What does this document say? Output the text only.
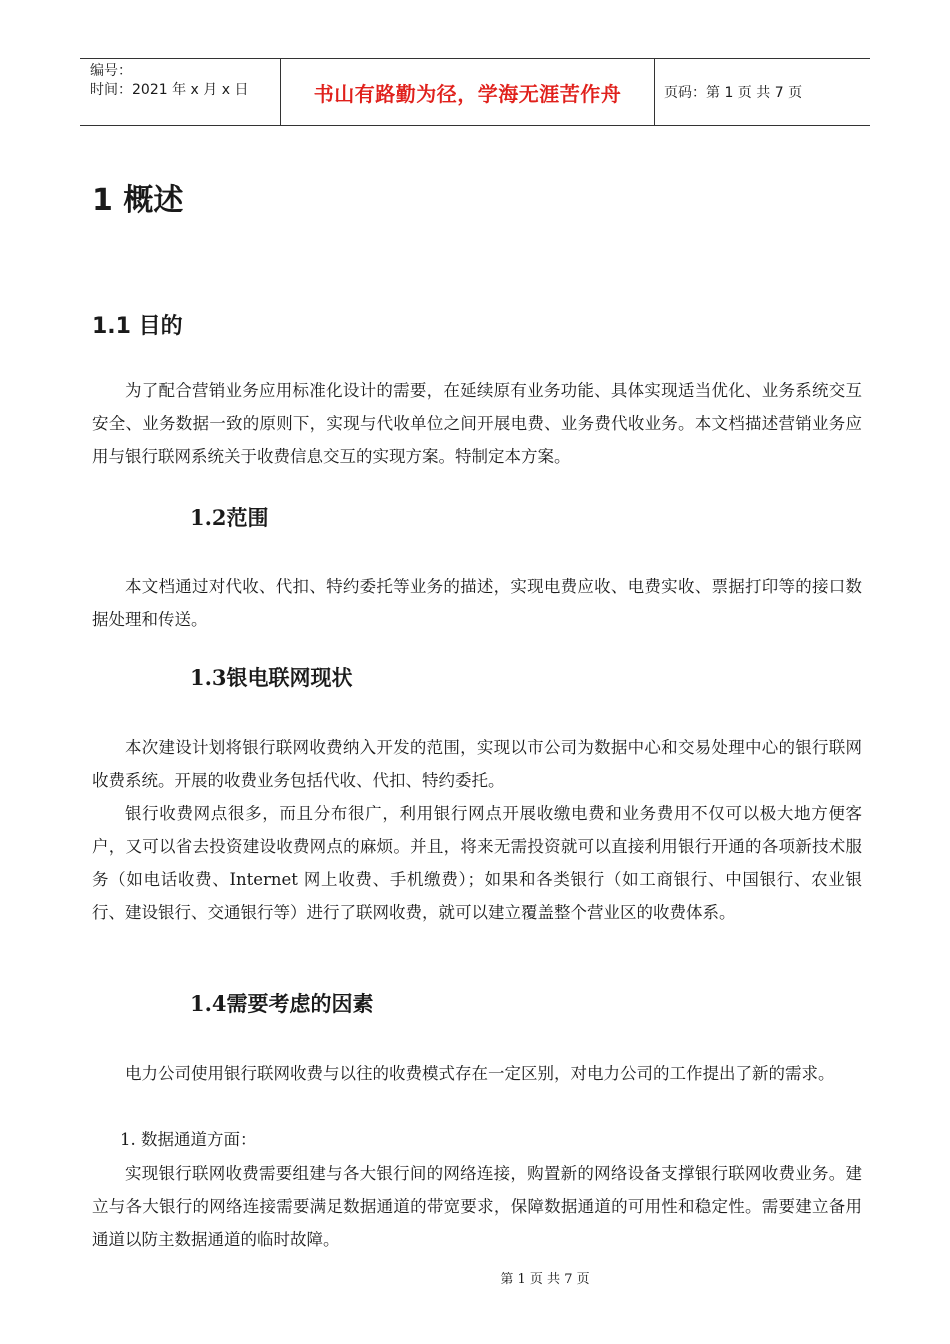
编号：
时间：2021 年 x 月 x 日	书山有路勤为径，学海无涯苦作舟	页码：第 1 页 共 7 页
1 概述
1.1 目的

为了配合营销业务应用标准化设计的需要，在延续原有业务功能、具体实现适当优化、业务系统交互安全、业务数据一致的原则下，实现与代收单位之间开展电费、业务费代收业务。本文档描述营销业务应用与银行联网系统关于收费信息交互的实现方案。特制定本方案。

1.2范围

本文档通过对代收、代扣、特约委托等业务的描述，实现电费应收、电费实收、票据打印等的接口数据处理和传送。

1.3银电联网现状

本次建设计划将银行联网收费纳入开发的范围，实现以市公司为数据中心和交易处理中心的银行联网收费系统。开展的收费业务包括代收、代扣、特约委托。

银行收费网点很多，而且分布很广，利用银行网点开展收缴电费和业务费用不仅可以极大地方便客户，又可以省去投资建设收费网点的麻烦。并且，将来无需投资就可以直接利用银行开通的各项新技术服务（如电话收费、Internet 网上收费、手机缴费）；如果和各类银行（如工商银行、中国银行、农业银行、建设银行、交通银行等）进行了联网收费，就可以建立覆盖整个营业区的收费体系。

1.4需要考虑的因素

电力公司使用银行联网收费与以往的收费模式存在一定区别，对电力公司的工作提出了新的需求。

1. 数据通道方面：

实现银行联网收费需要组建与各大银行间的网络连接，购置新的网络设备支撑银行联网收费业务。建立与各大银行的网络连接需要满足数据通道的带宽要求，保障数据通道的可用性和稳定性。需要建立备用通道以防主数据通道的临时故障。

第 1 页 共 7 页
